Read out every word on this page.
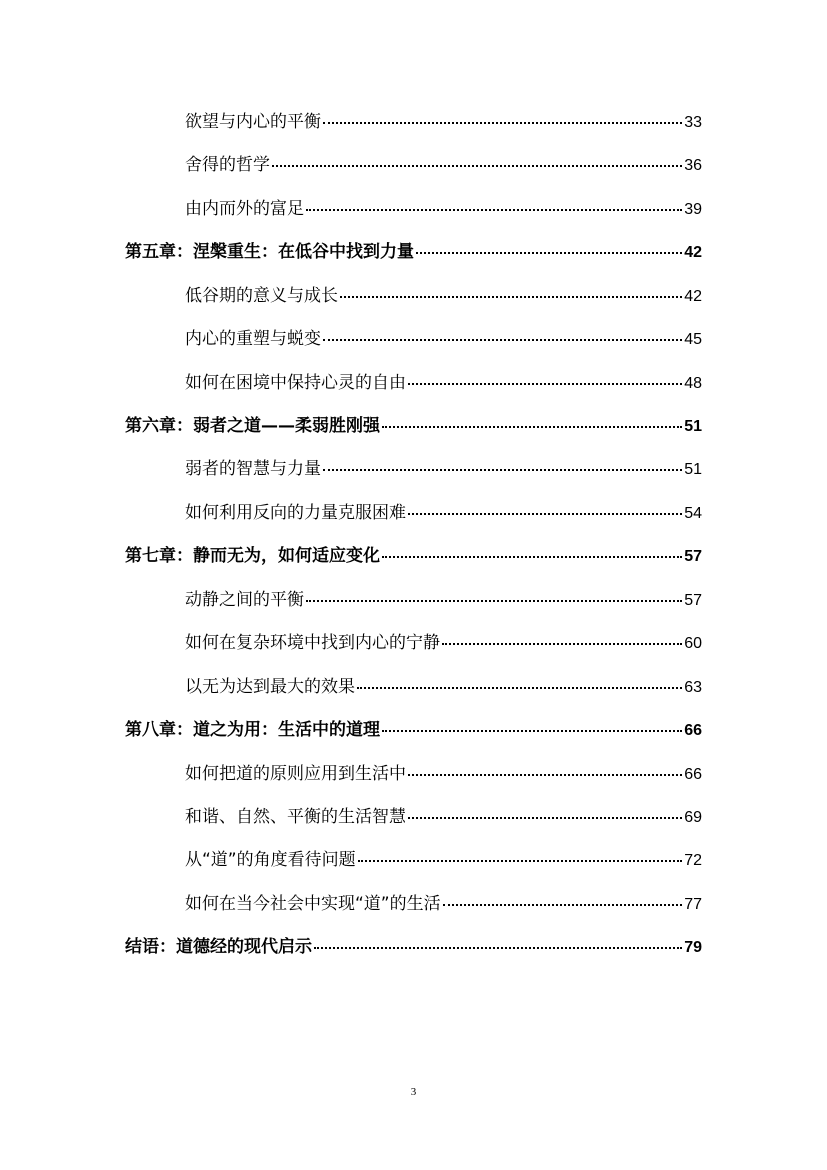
欲望与内心的平衡	33
舍得的哲学	36
由内而外的富足	39
第五章：涅槃重生：在低谷中找到力量	42
低谷期的意义与成长	42
内心的重塑与蜕变	45
如何在困境中保持心灵的自由	48
第六章：弱者之道——柔弱胜刚强	51
弱者的智慧与力量	51
如何利用反向的力量克服困难	54
第七章：静而无为，如何适应变化	57
动静之间的平衡	57
如何在复杂环境中找到内心的宁静	60
以无为达到最大的效果	63
第八章：道之为用：生活中的道理	66
如何把道的原则应用到生活中	66
和谐、自然、平衡的生活智慧	69
从“道”的角度看待问题	72
如何在当今社会中实现“道”的生活	77
结语：道德经的现代启示	79
3
